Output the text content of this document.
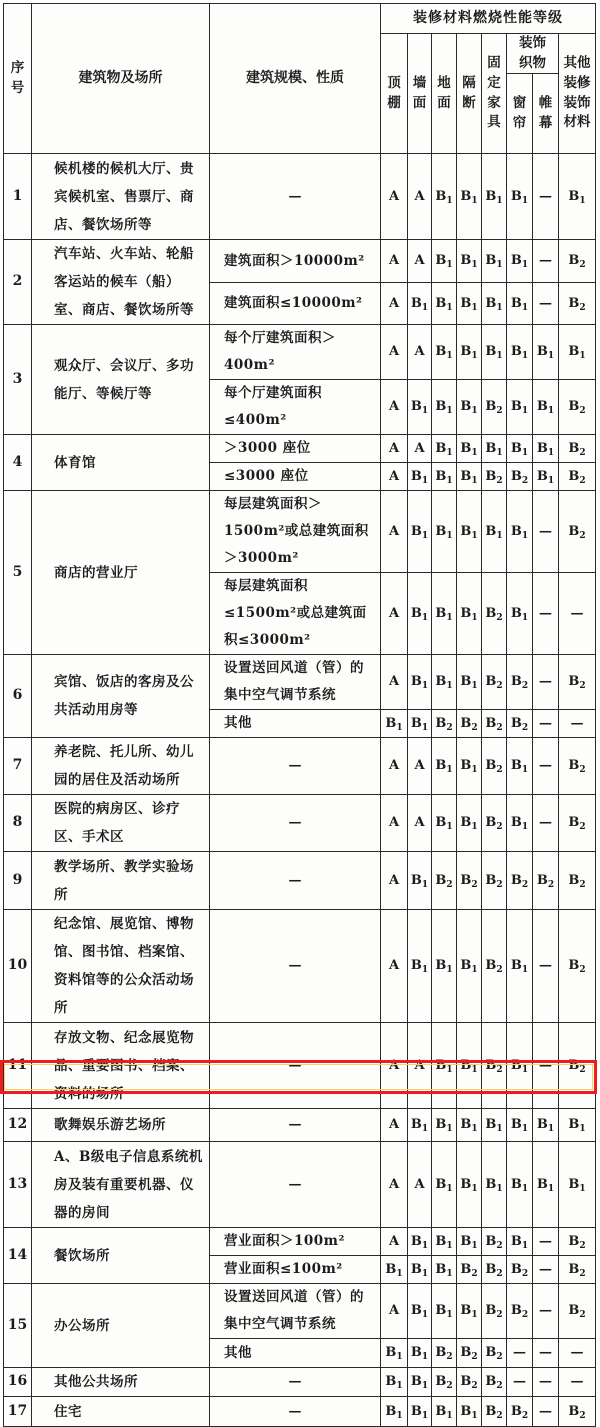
序号	建筑物及场所	建筑规模、性质	装修材料燃烧性能等级							
			顶棚	墙面	地面	隔断	固定家具	装饰织物		其他装修装饰材料
								窗帘	帷幕	
1	候机楼的候机大厅、贵宾候机室、售票厅、商店、餐饮场所等	—	A	A	$B_1$	$B_1$	$B_1$	$B_1$	—	$B_1$
2	汽车站、火车站、轮船客运站的候车（船）室、商店、餐饮场所等	建筑面积＞10000m²	A	A	$B_1$	$B_1$	$B_1$	$B_1$	—	$B_2$
		建筑面积≤10000m²	A	$B_1$	$B_1$	$B_1$	$B_1$	$B_1$	—	$B_2$
3	观众厅、会议厅、多功能厅、等候厅等	每个厅建筑面积＞400m²	A	A	$B_1$	$B_1$	$B_1$	$B_1$	$B_1$	$B_1$
		每个厅建筑面积≤400m²	A	$B_1$	$B_1$	$B_1$	$B_2$	$B_1$	$B_1$	$B_2$
4	体育馆	＞3000 座位	A	A	$B_1$	$B_1$	$B_1$	$B_1$	$B_1$	$B_2$
		≤3000 座位	A	$B_1$	$B_1$	$B_1$	$B_2$	$B_2$	$B_1$	$B_2$
5	商店的营业厅	每层建筑面积＞1500m²或总建筑面积＞3000m²	A	$B_1$	$B_1$	$B_1$	$B_1$	$B_1$	—	$B_2$
		每层建筑面积≤1500m²或总建筑面积≤3000m²	A	$B_1$	$B_1$	$B_1$	$B_2$	$B_1$	—	—
6	宾馆、饭店的客房及公共活动用房等	设置送回风道（管）的集中空气调节系统	A	$B_1$	$B_1$	$B_1$	$B_2$	$B_2$	—	$B_2$
		其他	$B_1$	$B_1$	$B_2$	$B_2$	$B_2$	$B_2$	—	—
7	养老院、托儿所、幼儿园的居住及活动场所	—	A	A	$B_1$	$B_1$	$B_2$	$B_1$	—	$B_2$
8	医院的病房区、诊疗区、手术区	—	A	A	$B_1$	$B_1$	$B_2$	$B_1$	—	$B_2$
9	教学场所、教学实验场所	—	A	$B_1$	$B_2$	$B_2$	$B_2$	$B_2$	$B_2$	$B_2$
10	纪念馆、展览馆、博物馆、图书馆、档案馆、资料馆等的公众活动场所	—	A	$B_1$	$B_1$	$B_1$	$B_2$	$B_1$	—	$B_2$
11	存放文物、纪念展览物品、重要图书、档案、资料的场所	—	A	A	$B_1$	$B_1$	$B_2$	$B_1$	—	$B_2$
12	歌舞娱乐游艺场所	—	A	$B_1$	$B_1$	$B_1$	$B_1$	$B_1$	$B_1$	$B_1$
13	A、B级电子信息系统机房及装有重要机器、仪器的房间	—	A	A	$B_1$	$B_1$	$B_1$	$B_1$	$B_1$	$B_1$
14	餐饮场所	营业面积＞100m²	A	$B_1$	$B_1$	$B_1$	$B_2$	$B_1$	—	$B_2$
		营业面积≤100m²	$B_1$	$B_1$	$B_1$	$B_2$	$B_2$	$B_2$	—	$B_2$
15	办公场所	设置送回风道（管）的集中空气调节系统	A	$B_1$	$B_1$	$B_1$	$B_2$	$B_2$	—	$B_2$
		其他	$B_1$	$B_1$	$B_2$	$B_2$	$B_2$	—	—	—
16	其他公共场所	—	$B_1$	$B_1$	$B_2$	$B_2$	$B_2$	—	—	—
17	住宅	—	$B_1$	$B_1$	$B_1$	$B_1$	$B_2$	$B_2$	—	$B_2$
